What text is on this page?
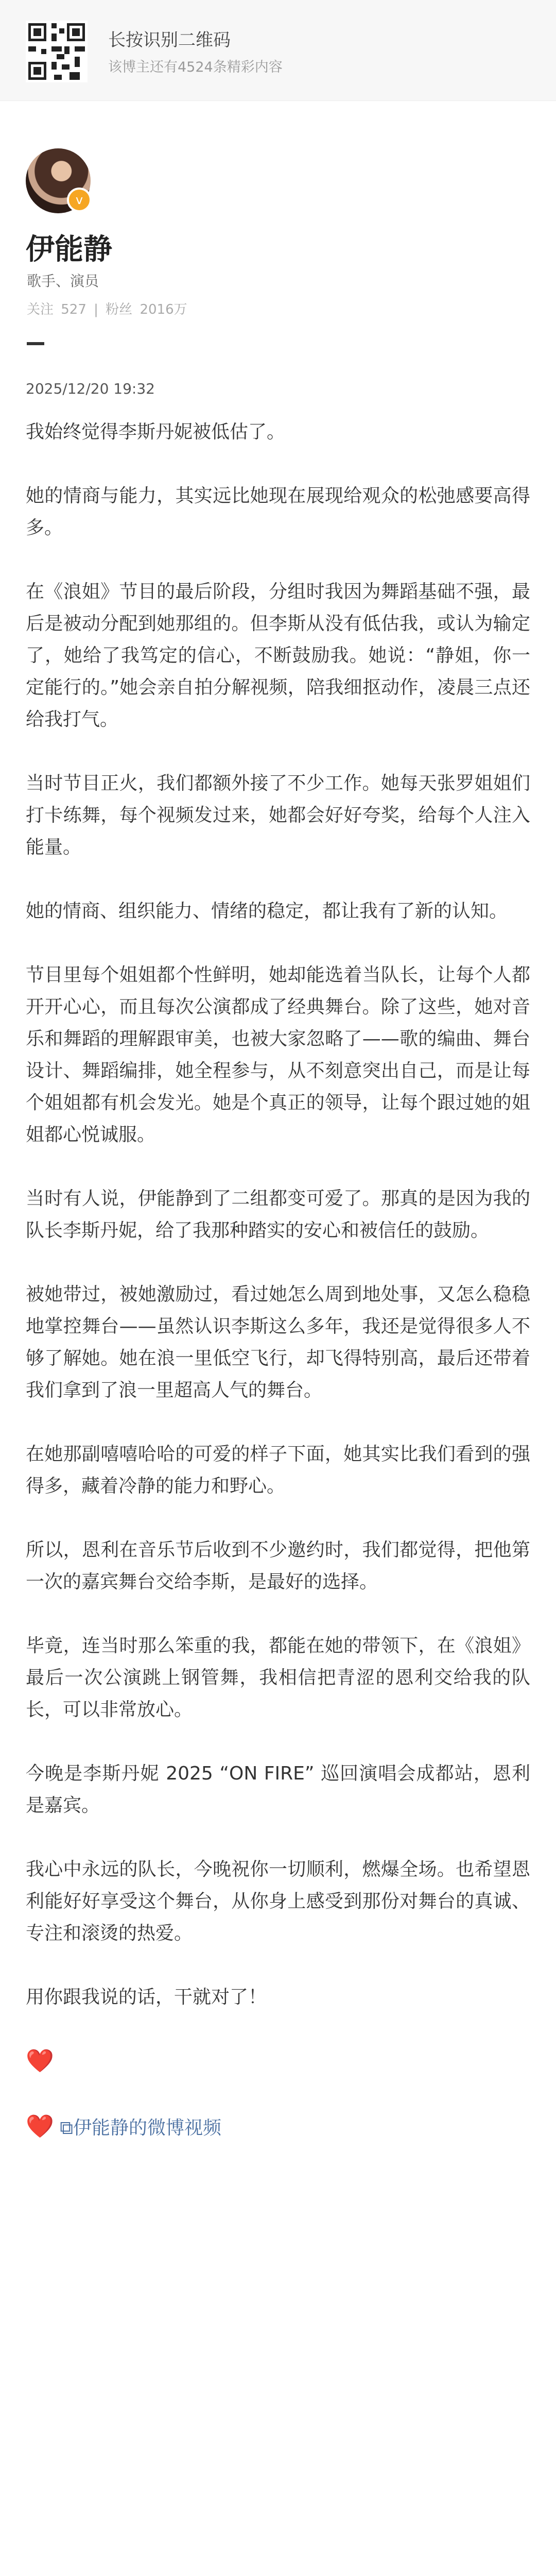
长按识别二维码
该博主还有4524条精彩内容
v
伊能静
歌手、演员
关注 527 | 粉丝 2016万
2025/12/20 19:32

我始终觉得李斯丹妮被低估了。

她的情商与能力，其实远比她现在展现给观众的松弛感要高得多。

在《浪姐》节目的最后阶段，分组时我因为舞蹈基础不强，最后是被动分配到她那组的。但李斯从没有低估我，或认为输定了，她给了我笃定的信心，不断鼓励我。她说：“静姐，你一定能行的。”她会亲自拍分解视频，陪我细抠动作，凌晨三点还给我打气。

当时节目正火，我们都额外接了不少工作。她每天张罗姐姐们打卡练舞，每个视频发过来，她都会好好夸奖，给每个人注入能量。

她的情商、组织能力、情绪的稳定，都让我有了新的认知。

节目里每个姐姐都个性鲜明，她却能选着当队长，让每个人都开开心心，而且每次公演都成了经典舞台。除了这些，她对音乐和舞蹈的理解跟审美，也被大家忽略了——歌的编曲、舞台设计、舞蹈编排，她全程参与，从不刻意突出自己，而是让每个姐姐都有机会发光。她是个真正的领导，让每个跟过她的姐姐都心悦诚服。

当时有人说，伊能静到了二组都变可爱了。那真的是因为我的队长李斯丹妮，给了我那种踏实的安心和被信任的鼓励。

被她带过，被她激励过，看过她怎么周到地处事，又怎么稳稳地掌控舞台——虽然认识李斯这么多年，我还是觉得很多人不够了解她。她在浪一里低空飞行，却飞得特别高，最后还带着我们拿到了浪一里超高人气的舞台。

在她那副嘻嘻哈哈的可爱的样子下面，她其实比我们看到的强得多，藏着冷静的能力和野心。

所以，恩利在音乐节后收到不少邀约时，我们都觉得，把他第一次的嘉宾舞台交给李斯，是最好的选择。

毕竟，连当时那么笨重的我，都能在她的带领下，在《浪姐》最后一次公演跳上钢管舞，我相信把青涩的恩利交给我的队长，可以非常放心。

今晚是李斯丹妮 2025 “ON FIRE” 巡回演唱会成都站，恩利是嘉宾。

我心中永远的队长，今晚祝你一切顺利，燃爆全场。也希望恩利能好好享受这个舞台，从你身上感受到那份对舞台的真诚、专注和滚烫的热爱。

用你跟我说的话，干就对了！

❤️

❤️ ⧉伊能静的微博视频
